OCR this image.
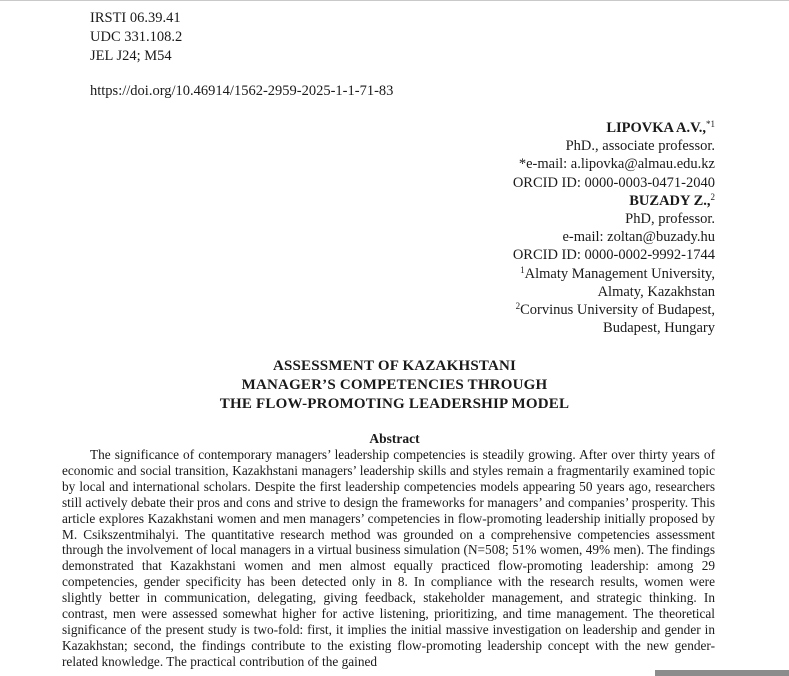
IRSTI 06.39.41
UDC 331.108.2
JEL J24; M54
https://doi.org/10.46914/1562-2959-2025-1-1-71-83
LIPOVKA A.V.,$^{*1}$
PhD., associate professor.
*e-mail: a.lipovka@almau.edu.kz
ORCID ID: 0000-0003-0471-2040
BUZADY Z.,$^2$
PhD, professor.
e-mail: zoltan@buzady.hu
ORCID ID: 0000-0002-9992-1744
$^1$Almaty Management University,
Almaty, Kazakhstan
$^2$Corvinus University of Budapest,
Budapest, Hungary
ASSESSMENT OF KAZAKHSTANI
MANAGER’S COMPETENCIES THROUGH
THE FLOW-PROMOTING LEADERSHIP MODEL
Abstract
The significance of contemporary managers’ leadership competencies is steadily growing. After over thirty years of economic and social transition, Kazakhstani managers’ leadership skills and styles remain a fragmentarily examined topic by local and international scholars. Despite the first leadership competencies models appearing 50 years ago, researchers still actively debate their pros and cons and strive to design the frameworks for managers’ and companies’ prosperity. This article explores Kazakhstani women and men managers’ competencies in flow-promoting leadership initially proposed by M. Csikszentmihalyi. The quantitative research method was grounded on a comprehensive competencies assessment through the involvement of local managers in a virtual business simulation (N=508; 51% women, 49% men). The findings demonstrated that Kazakhstani women and men almost equally practiced flow-promoting leadership: among 29 competencies, gender specificity has been detected only in 8. In compliance with the research results, women were slightly better in communication, delegating, giving feedback, stakeholder management, and strategic thinking. In contrast, men were assessed somewhat higher for active listening, prioritizing, and time management. The theoretical significance of the present study is two-fold: first, it implies the initial massive investigation on leadership and gender in Kazakhstan; second, the findings contribute to the existing flow-promoting leadership concept with the new gender-related knowledge. The practical contribution of the gained
